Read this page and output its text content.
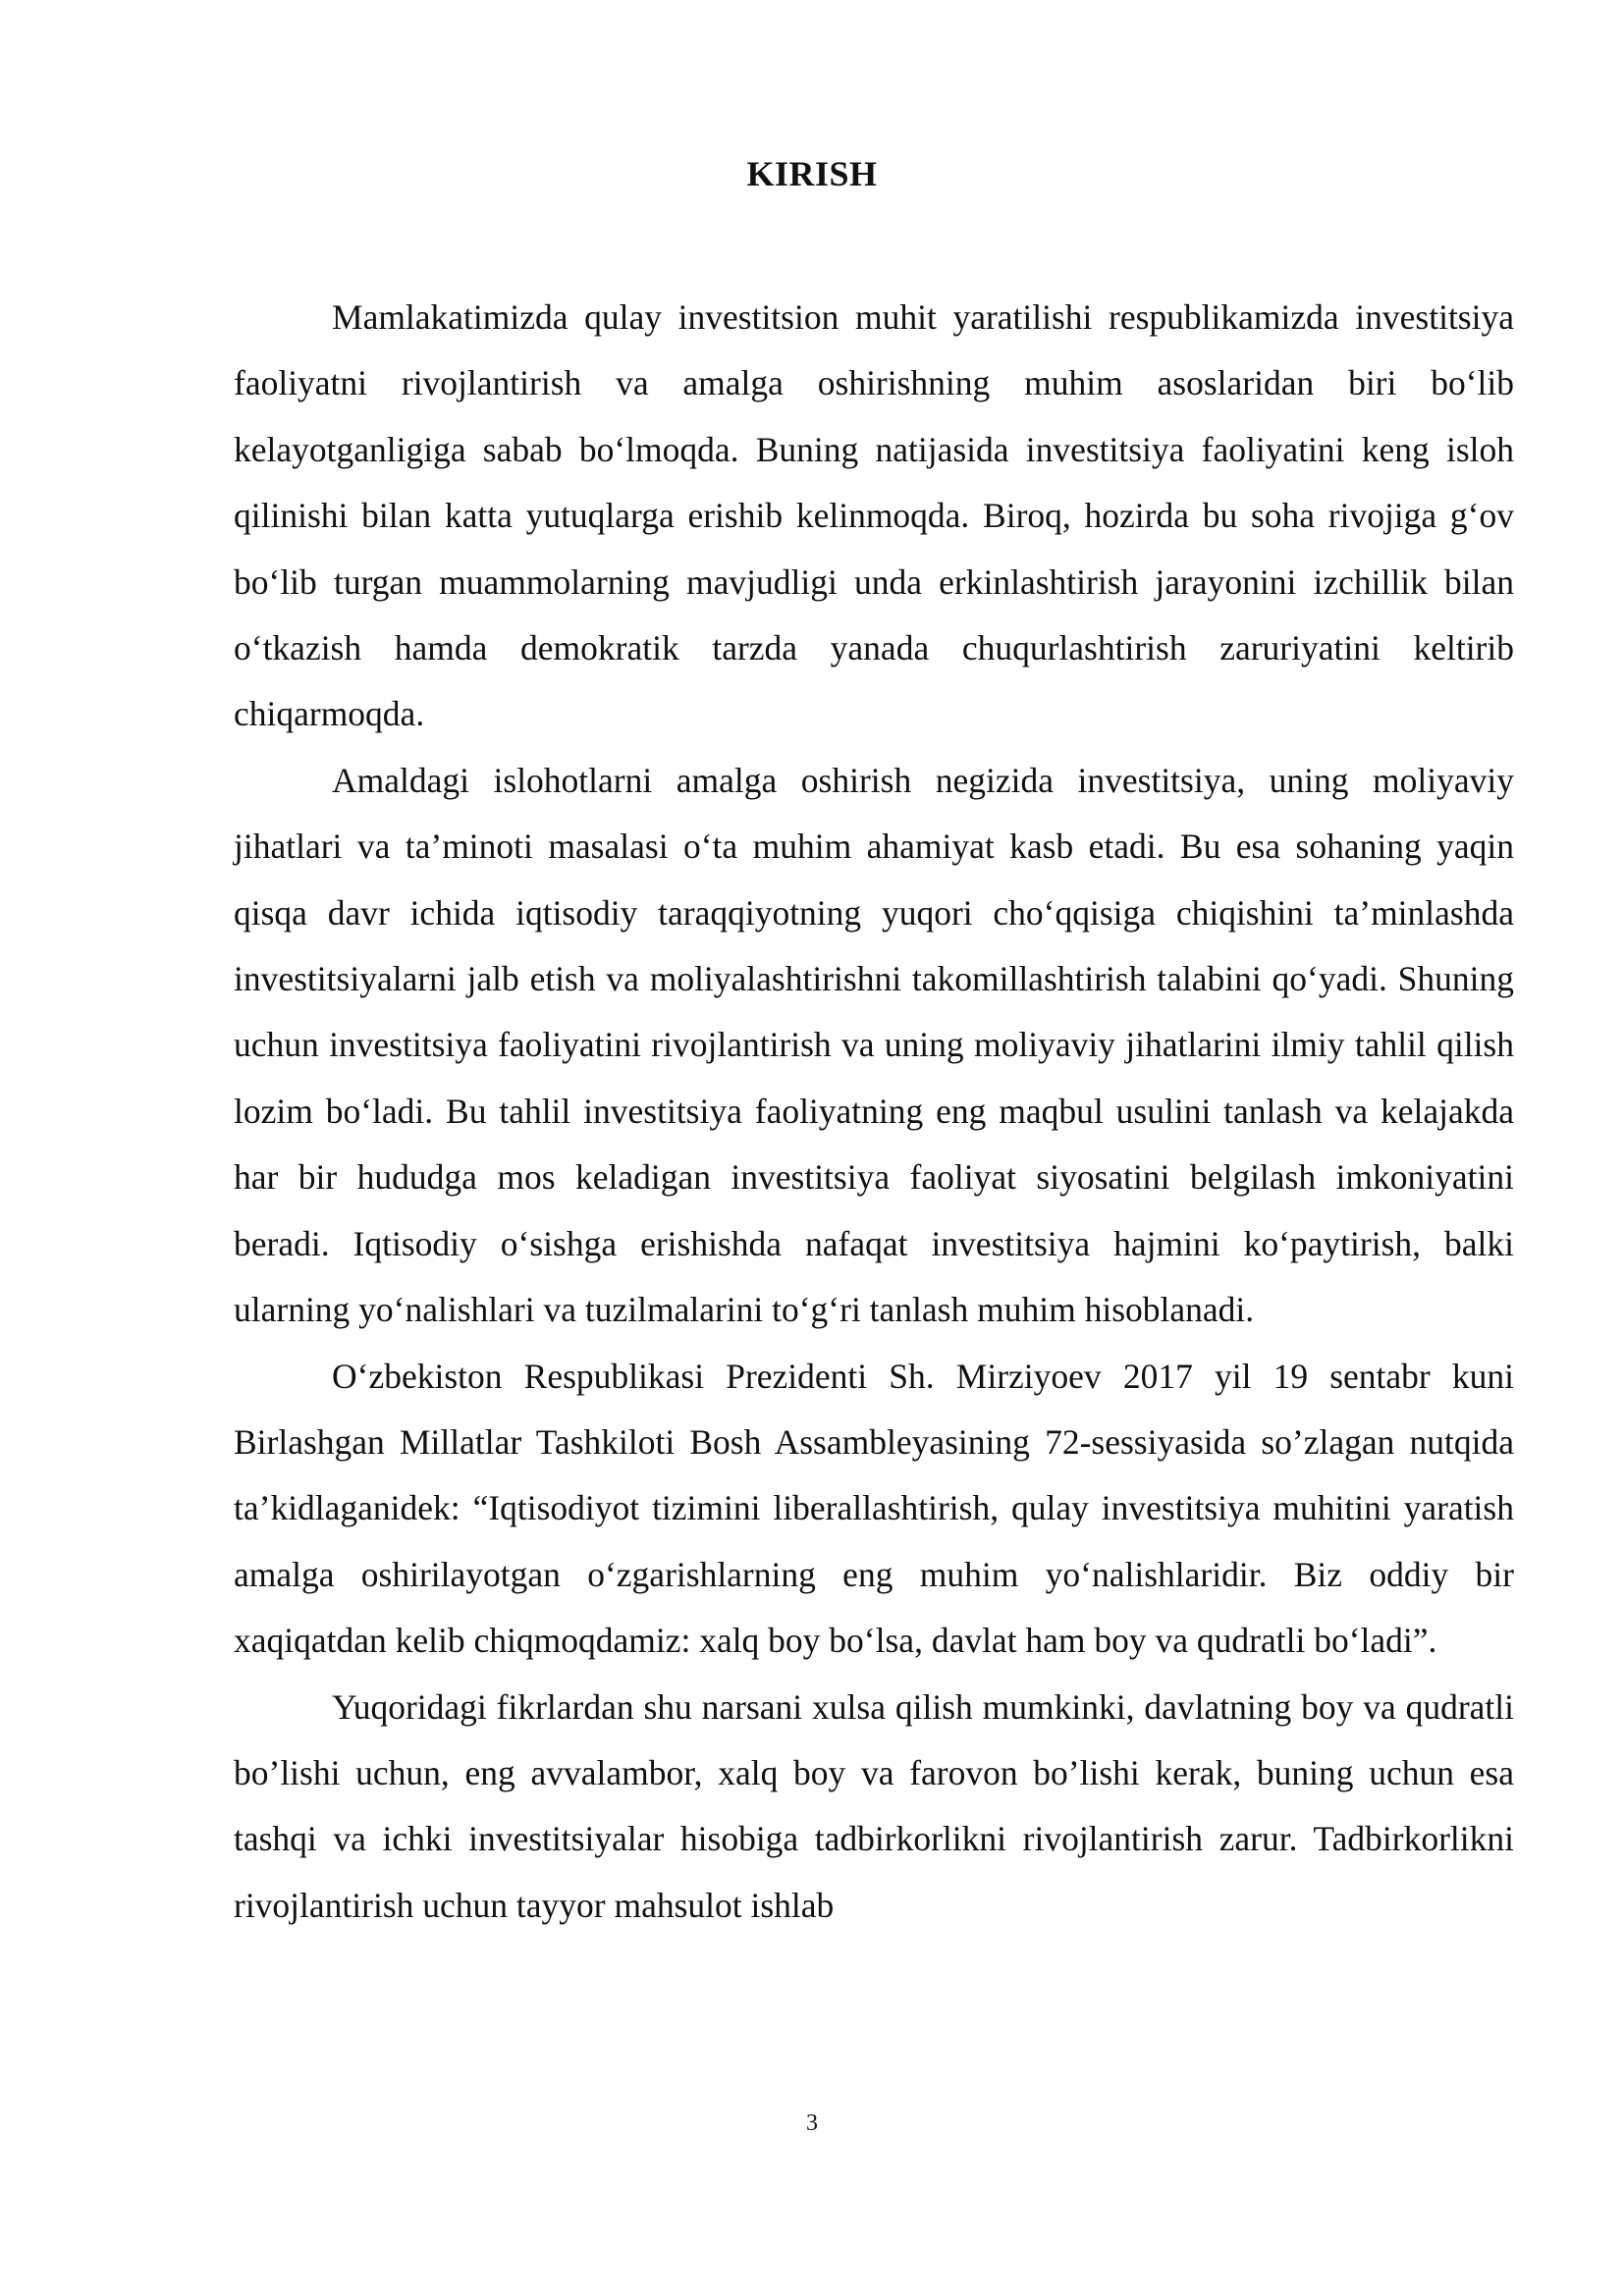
KIRISH

Mamlakatimizda qulay investitsion muhit yaratilishi respublikamizda investitsiya faoliyatni rivojlantirish va amalga oshirishning muhim asoslaridan biri bo‘lib kelayotganligiga sabab bo‘lmoqda. Buning natijasida investitsiya faoliyatini keng isloh qilinishi bilan katta yutuqlarga erishib kelinmoqda. Biroq, hozirda bu soha rivojiga g‘ov bo‘lib turgan muammolarning mavjudligi unda erkinlashtirish jarayonini izchillik bilan o‘tkazish hamda demokratik tarzda yanada chuqurlashtirish zaruriyatini keltirib chiqarmoqda.

Amaldagi islohotlarni amalga oshirish negizida investitsiya, uning moliyaviy jihatlari va ta’minoti masalasi o‘ta muhim ahamiyat kasb etadi. Bu esa sohaning yaqin qisqa davr ichida iqtisodiy taraqqiyotning yuqori cho‘qqisiga chiqishini ta’minlashda investitsiyalarni jalb etish va moliyalashtirishni takomillashtirish talabini qo‘yadi. Shuning uchun investitsiya faoliyatini rivojlantirish va uning moliyaviy jihatlarini ilmiy tahlil qilish lozim bo‘ladi. Bu tahlil investitsiya faoliyatning eng maqbul usulini tanlash va kelajakda har bir hududga mos keladigan investitsiya faoliyat siyosatini belgilash imkoniyatini beradi. Iqtisodiy o‘sishga erishishda nafaqat investitsiya hajmini ko‘paytirish, balki ularning yo‘nalishlari va tuzilmalarini to‘g‘ri tanlash muhim hisoblanadi.

O‘zbekiston Respublikasi Prezidenti Sh. Mirziyoev 2017 yil 19 sentabr kuni Birlashgan Millatlar Tashkiloti Bosh Assambleyasining 72-sessiyasida so’zlagan nutqida ta’kidlaganidek: “Iqtisodiyot tizimini liberallashtirish, qulay investitsiya muhitini yaratish amalga oshirilayotgan o‘zgarishlarning eng muhim yo‘nalishlaridir. Biz oddiy bir xaqiqatdan kelib chiqmoqdamiz: xalq boy bo‘lsa, davlat ham boy va qudratli bo‘ladi”.

Yuqoridagi fikrlardan shu narsani xulsa qilish mumkinki, davlatning boy va qudratli bo’lishi uchun, eng avvalambor, xalq boy va farovon bo’lishi kerak, buning uchun esa tashqi va ichki investitsiyalar hisobiga tadbirkorlikni rivojlantirish zarur. Tadbirkorlikni rivojlantirish uchun tayyor mahsulot ishlab

3
